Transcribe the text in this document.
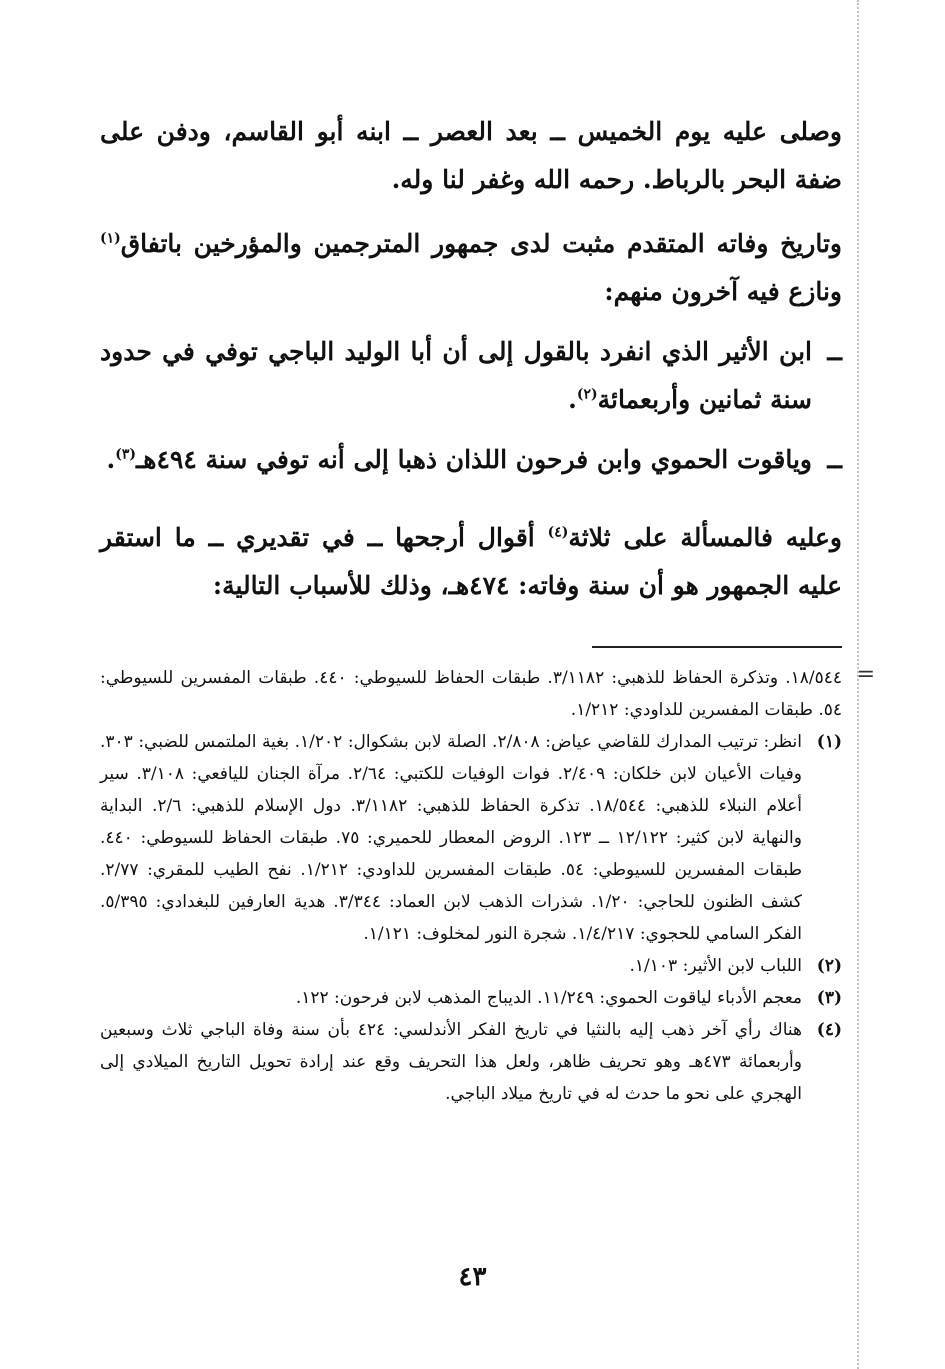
=

وصلى عليه يوم الخميس ــ بعد العصر ــ ابنه أبو القاسم، ودفن على ضفة البحر بالرباط. رحمه الله وغفر لنا وله.

وتاريخ وفاته المتقدم مثبت لدى جمهور المترجمين والمؤرخين باتفاق$^{(١)}$ ونازع فيه آخرون منهم:

ــ
ابن الأثير الذي انفرد بالقول إلى أن أبا الوليد الباجي توفي في حدود سنة ثمانين وأربعمائة$^{(٢)}$.
ــ
وياقوت الحموي وابن فرحون اللذان ذهبا إلى أنه توفي سنة ٤٩٤هـ$^{(٣)}$.

وعليه فالمسألة على ثلاثة$^{(٤)}$ أقوال أرجحها ــ في تقديري ــ ما استقر عليه الجمهور هو أن سنة وفاته: ٤٧٤هـ، وذلك للأسباب التالية:

١٨/٥٤٤. وتذكرة الحفاظ للذهبي: ٣/١١٨٢. طبقات الحفاظ للسيوطي: ٤٤٠. طبقات المفسرين للسيوطي: ٥٤. طبقات المفسرين للداودي: ١/٢١٢.

(١)
انظر: ترتيب المدارك للقاضي عياض: ٢/٨٠٨. الصلة لابن بشكوال: ١/٢٠٢. بغية الملتمس للضبي: ٣٠٣. وفيات الأعيان لابن خلكان: ٢/٤٠٩. فوات الوفيات للكتبي: ٢/٦٤. مرآة الجنان لليافعي: ٣/١٠٨. سير أعلام النبلاء للذهبي: ١٨/٥٤٤. تذكرة الحفاظ للذهبي: ٣/١١٨٢. دول الإسلام للذهبي: ٢/٦. البداية والنهاية لابن كثير: ١٢/١٢٢ ــ ١٢٣. الروض المعطار للحميري: ٧٥. طبقات الحفاظ للسيوطي: ٤٤٠. طبقات المفسرين للسيوطي: ٥٤. طبقات المفسرين للداودي: ١/٢١٢. نفح الطيب للمقري: ٢/٧٧. كشف الظنون للحاجي: ١/٢٠. شذرات الذهب لابن العماد: ٣/٣٤٤. هدية العارفين للبغدادي: ٥/٣٩٥. الفكر السامي للحجوي: ١/٤/٢١٧. شجرة النور لمخلوف: ١/١٢١.
(٢)
اللباب لابن الأثير: ١/١٠٣.
(٣)
معجم الأدباء لياقوت الحموي: ١١/٢٤٩. الديباج المذهب لابن فرحون: ١٢٢.
(٤)
هناك رأي آخر ذهب إليه بالنثيا في تاريخ الفكر الأندلسي: ٤٢٤ بأن سنة وفاة الباجي ثلاث وسبعين وأربعمائة ٤٧٣هـ وهو تحريف ظاهر، ولعل هذا التحريف وقع عند إرادة تحويل التاريخ الميلادي إلى الهجري على نحو ما حدث له في تاريخ ميلاد الباجي.
٤٣
